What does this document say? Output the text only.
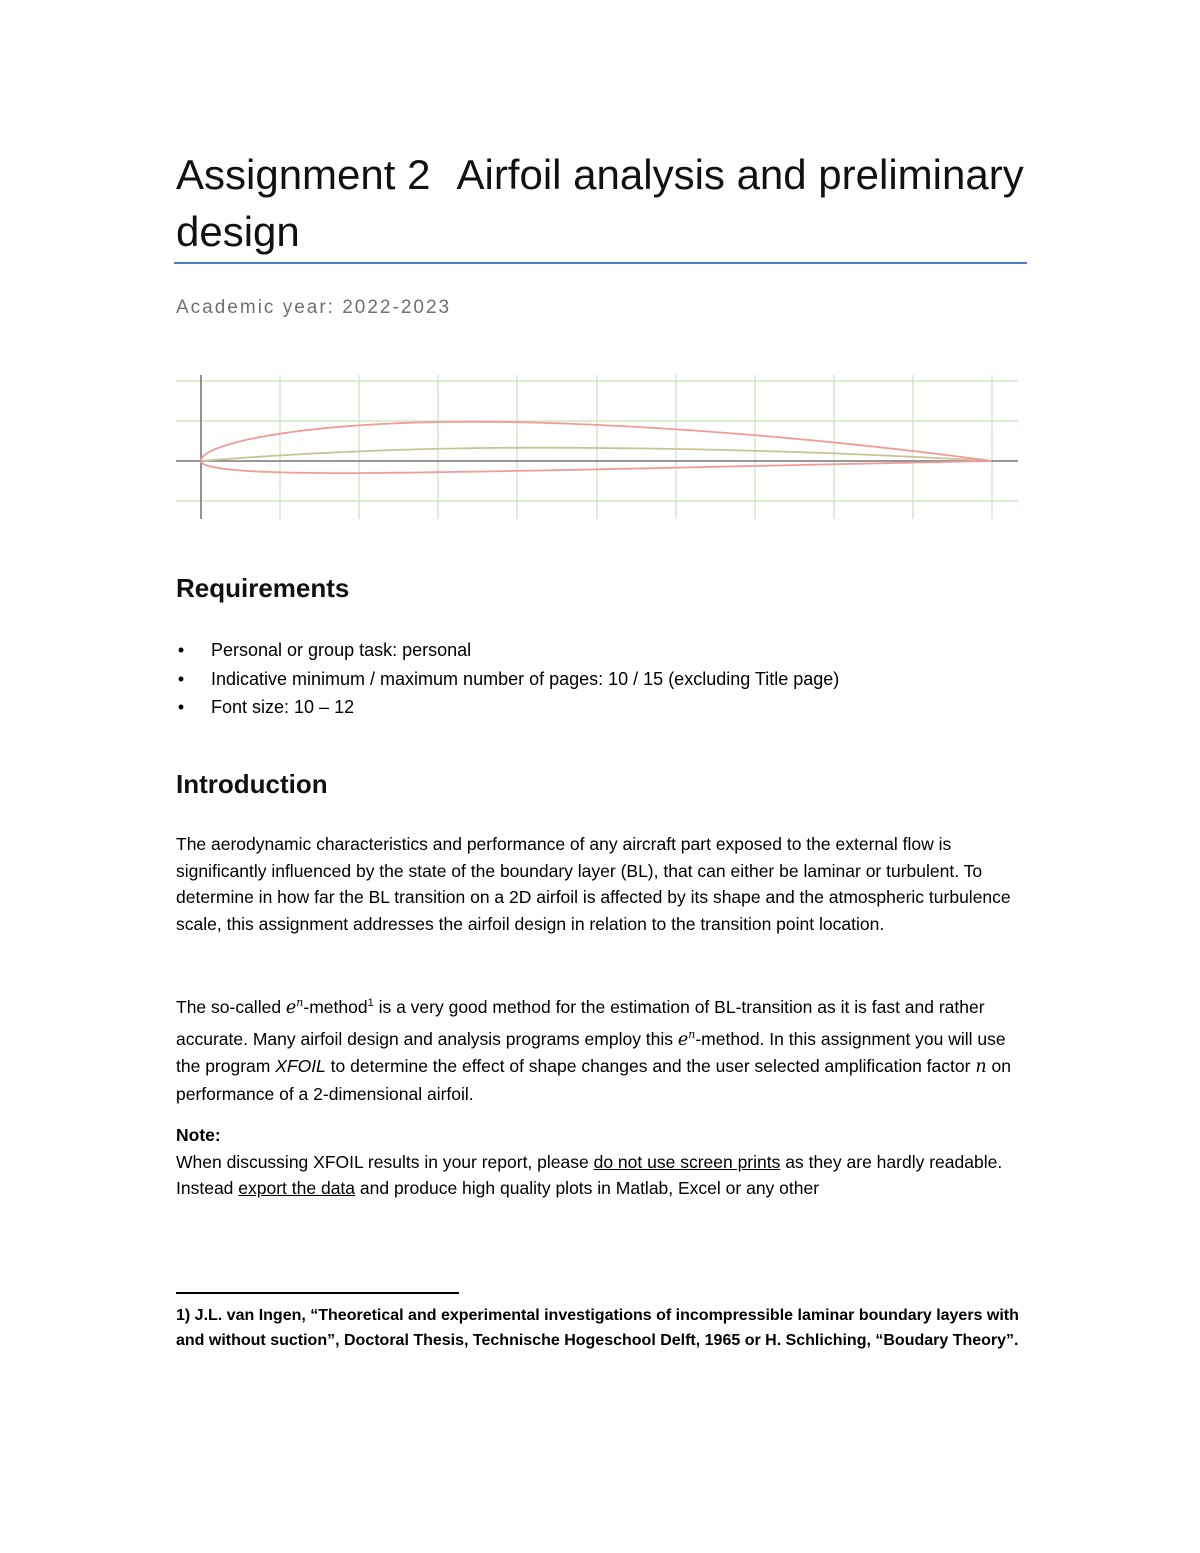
Assignment 2 Airfoil analysis and preliminary design

Academic year: 2022-2023

Requirements
• Personal or group task: personal
• Indicative minimum / maximum number of pages: 10 / 15 (excluding Title page)
• Font size: 10 – 12
Introduction

The aerodynamic characteristics and performance of any aircraft part exposed to the external flow is significantly influenced by the state of the boundary layer (BL), that can either be laminar or turbulent. To determine in how far the BL transition on a 2D airfoil is affected by its shape and the atmospheric turbulence scale, this assignment addresses the airfoil design in relation to the transition point location.

The so-called $e^n-method^1$ is a very good method for the estimation of BL-transition as it is fast and rather accurate. Many airfoil design and analysis programs employ this $e^n$-method. In this assignment you will use the program XFOIL to determine the effect of shape changes and the user selected amplification factor n on performance of a 2-dimensional airfoil.

Note:
When discussing XFOIL results in your report, please do not use screen prints as they are hardly readable. Instead export the data and produce high quality plots in Matlab, Excel or any other

1) J.L. van Ingen, “Theoretical and experimental investigations of incompressible laminar boundary layers with and without suction”, Doctoral Thesis, Technische Hogeschool Delft, 1965 or H. Schliching, “Boudary Theory”.
